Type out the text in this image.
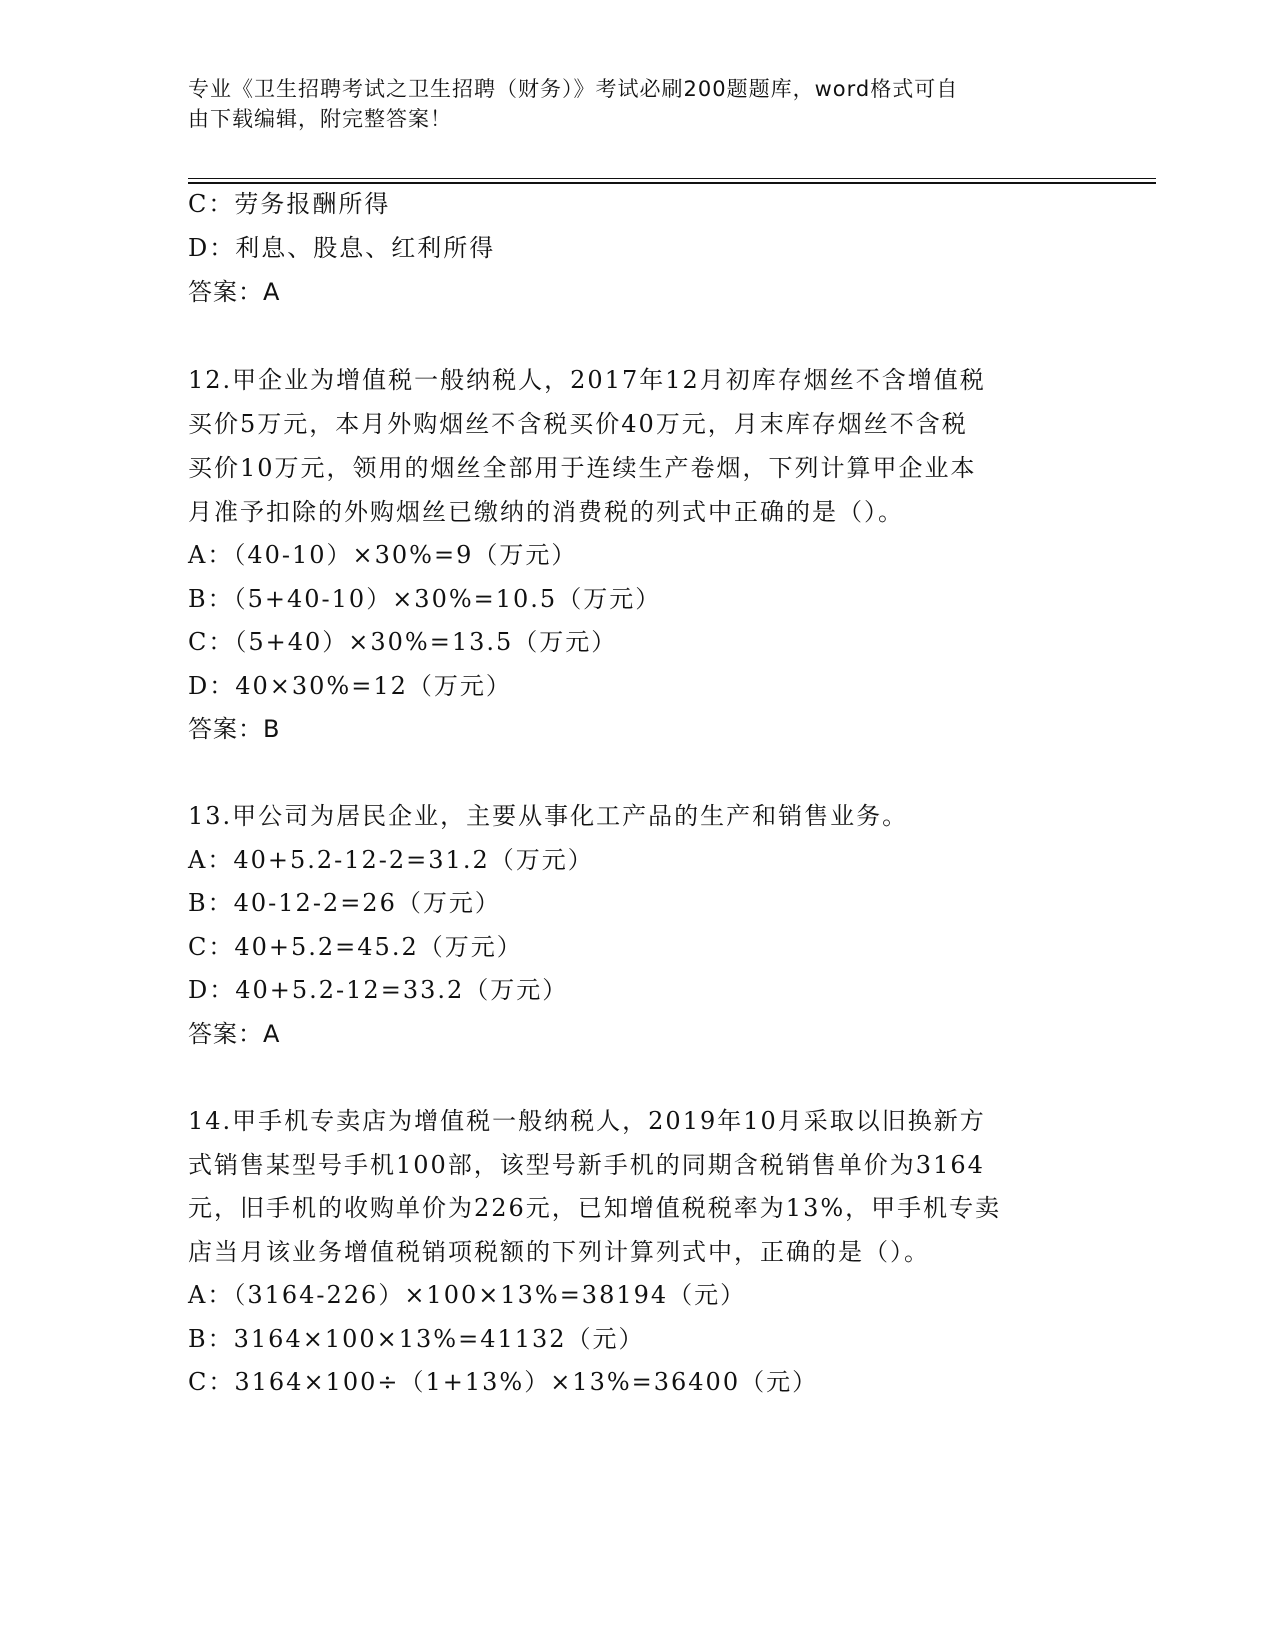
专业《卫生招聘考试之卫生招聘（财务）》考试必刷200题题库，word格式可自
由下载编辑，附完整答案！
C：劳务报酬所得
D：利息、股息、红利所得
答案：A
12.甲企业为增值税一般纳税人，2017年12月初库存烟丝不含增值税
买价5万元，本月外购烟丝不含税买价40万元，月末库存烟丝不含税
买价10万元，领用的烟丝全部用于连续生产卷烟，下列计算甲企业本
月准予扣除的外购烟丝已缴纳的消费税的列式中正确的是（）。
A：（40-10）×30%=9（万元）
B：（5+40-10）×30%=10.5（万元）
C：（5+40）×30%=13.5（万元）
D：40×30%=12（万元）
答案：B
13.甲公司为居民企业，主要从事化工产品的生产和销售业务。
A：40+5.2-12-2=31.2（万元）
B：40-12-2=26（万元）
C：40+5.2=45.2（万元）
D：40+5.2-12=33.2（万元）
答案：A
14.甲手机专卖店为增值税一般纳税人，2019年10月采取以旧换新方
式销售某型号手机100部，该型号新手机的同期含税销售单价为3164
元，旧手机的收购单价为226元，已知增值税税率为13%，甲手机专卖
店当月该业务增值税销项税额的下列计算列式中，正确的是（）。
A：（3164-226）×100×13%=38194（元）
B：3164×100×13%=41132（元）
C：3164×100÷（1+13%）×13%=36400（元）
